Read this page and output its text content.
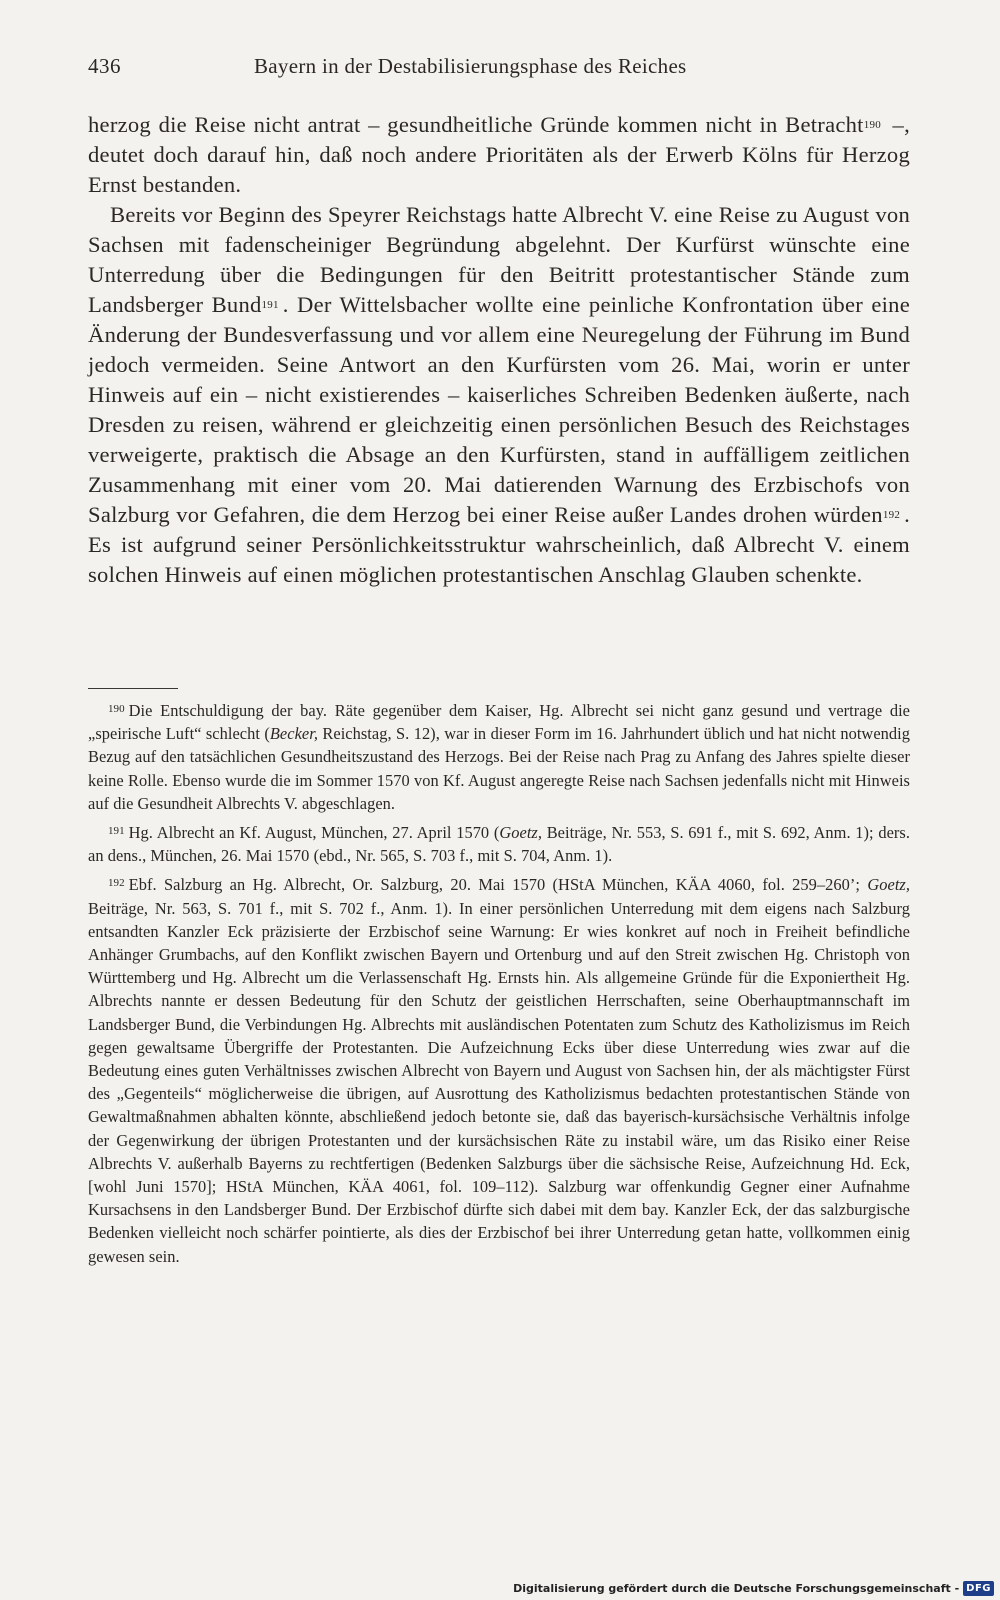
436	Bayern in der Destabilisierungsphase des Reiches

herzog die Reise nicht antrat – gesundheitliche Gründe kommen nicht in Betracht$^{190}$ –, deutet doch darauf hin, daß noch andere Prioritäten als der Erwerb Kölns für Herzog Ernst bestanden.

Bereits vor Beginn des Speyrer Reichstags hatte Albrecht V. eine Reise zu August von Sachsen mit fadenscheiniger Begründung abgelehnt. Der Kurfürst wünschte eine Unterredung über die Bedingungen für den Beitritt protestantischer Stände zum Landsberger Bund$^{191}$ . Der Wittelsbacher wollte eine peinliche Konfrontation über eine Änderung der Bundesverfassung und vor allem eine Neuregelung der Führung im Bund jedoch vermeiden. Seine Antwort an den Kurfürsten vom 26. Mai, worin er unter Hinweis auf ein – nicht existierendes – kaiserliches Schreiben Bedenken äußerte, nach Dresden zu reisen, während er gleichzeitig einen persönlichen Besuch des Reichstages verweigerte, praktisch die Absage an den Kurfürsten, stand in auffälligem zeitlichen Zusammenhang mit einer vom 20. Mai datierenden Warnung des Erzbischofs von Salzburg vor Gefahren, die dem Herzog bei einer Reise außer Landes drohen würden$^{192}$ . Es ist aufgrund seiner Persönlichkeitsstruktur wahrscheinlich, daß Albrecht V. einem solchen Hinweis auf einen möglichen protestantischen Anschlag Glauben schenkte.

$^{190}$ Die Entschuldigung der bay. Räte gegenüber dem Kaiser, Hg. Albrecht sei nicht ganz gesund und vertrage die „speirische Luft“ schlecht (Becker, Reichstag, S. 12), war in dieser Form im 16. Jahrhundert üblich und hat nicht notwendig Bezug auf den tatsächlichen Gesundheitszustand des Herzogs. Bei der Reise nach Prag zu Anfang des Jahres spielte dieser keine Rolle. Ebenso wurde die im Sommer 1570 von Kf. August angeregte Reise nach Sachsen jedenfalls nicht mit Hinweis auf die Gesundheit Albrechts V. abgeschlagen.

$^{191}$ Hg. Albrecht an Kf. August, München, 27. April 1570 (Goetz, Beiträge, Nr. 553, S. 691 f., mit S. 692, Anm. 1); ders. an dens., München, 26. Mai 1570 (ebd., Nr. 565, S. 703 f., mit S. 704, Anm. 1).

$^{192}$ Ebf. Salzburg an Hg. Albrecht, Or. Salzburg, 20. Mai 1570 (HStA München, KÄA 4060, fol. 259–260’; Goetz, Beiträge, Nr. 563, S. 701 f., mit S. 702 f., Anm. 1). In einer persönlichen Unterredung mit dem eigens nach Salzburg entsandten Kanzler Eck präzisierte der Erzbischof seine Warnung: Er wies konkret auf noch in Freiheit befindliche Anhänger Grumbachs, auf den Konflikt zwischen Bayern und Ortenburg und auf den Streit zwischen Hg. Christoph von Württemberg und Hg. Albrecht um die Verlassenschaft Hg. Ernsts hin. Als allgemeine Gründe für die Exponiertheit Hg. Albrechts nannte er dessen Bedeutung für den Schutz der geistlichen Herrschaften, seine Oberhauptmannschaft im Landsberger Bund, die Verbindungen Hg. Albrechts mit ausländischen Potentaten zum Schutz des Katholizismus im Reich gegen gewaltsame Übergriffe der Protestanten. Die Aufzeichnung Ecks über diese Unterredung wies zwar auf die Bedeutung eines guten Verhältnisses zwischen Albrecht von Bayern und August von Sachsen hin, der als mächtigster Fürst des „Gegenteils“ möglicherweise die übrigen, auf Ausrottung des Katholizismus bedachten protestantischen Stände von Gewaltmaßnahmen abhalten könnte, abschließend jedoch betonte sie, daß das bayerisch-kursächsische Verhältnis infolge der Gegenwirkung der übrigen Protestanten und der kursächsischen Räte zu instabil wäre, um das Risiko einer Reise Albrechts V. außerhalb Bayerns zu rechtfertigen (Bedenken Salzburgs über die sächsische Reise, Aufzeichnung Hd. Eck, [wohl Juni 1570]; HStA München, KÄA 4061, fol. 109–112). Salzburg war offenkundig Gegner einer Aufnahme Kursachsens in den Landsberger Bund. Der Erzbischof dürfte sich dabei mit dem bay. Kanzler Eck, der das salzburgische Bedenken vielleicht noch schärfer pointierte, als dies der Erzbischof bei ihrer Unterredung getan hatte, vollkommen einig gewesen sein.

Digitalisierung gefördert durch die Deutsche Forschungsgemeinschaft - DFG
